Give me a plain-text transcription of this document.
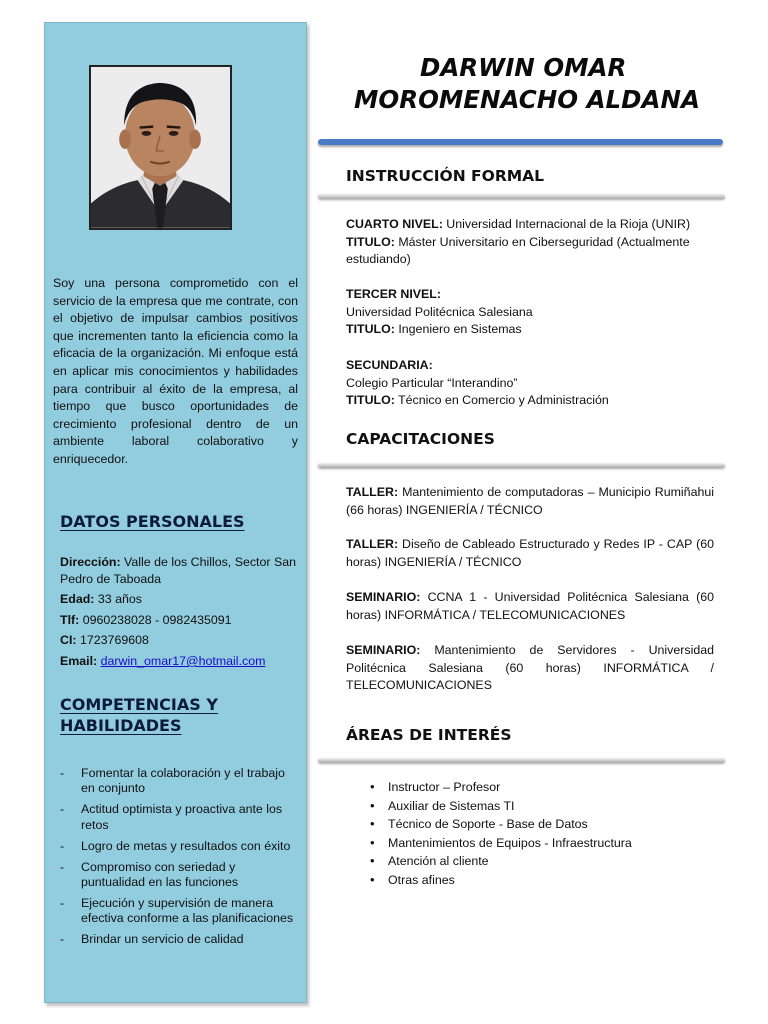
Soy una persona comprometido con el servicio de la empresa que me contrate, con el objetivo de impulsar cambios positivos que incrementen tanto la eficiencia como la eficacia de la organización. Mi enfoque está en aplicar mis conocimientos y habilidades para contribuir al éxito de la empresa, al tiempo que busco oportunidades de crecimiento profesional dentro de un ambiente laboral colaborativo y enriquecedor.

DATOS PERSONALES
Dirección: Valle de los Chillos, Sector San Pedro de Taboada
Edad: 33 años
Tlf: 0960238028 - 0982435091
CI: 1723769608
Email: darwin_omar17@hotmail.com
COMPETENCIAS Y HABILIDADES
- Fomentar la colaboración y el trabajo en conjunto
- Actitud optimista y proactiva ante los retos
- Logro de metas y resultados con éxito
- Compromiso con seriedad y puntualidad en las funciones
- Ejecución y supervisión de manera efectiva conforme a las planificaciones
- Brindar un servicio de calidad
DARWIN OMAR
MOROMENACHO ALDANA
INSTRUCCIÓN FORMAL
CUARTO NIVEL: Universidad Internacional de la Rioja (UNIR)
TITULO: Máster Universitario en Ciberseguridad (Actualmente estudiando)
TERCER NIVEL:
Universidad Politécnica Salesiana
TITULO: Ingeniero en Sistemas
SECUNDARIA:
Colegio Particular “Interandino”
TITULO: Técnico en Comercio y Administración
CAPACITACIONES
TALLER: Mantenimiento de computadoras – Municipio Rumiñahui (66 horas) INGENIERÍA / TÉCNICO
TALLER: Diseño de Cableado Estructurado y Redes IP - CAP (60 horas) INGENIERÍA / TÉCNICO
SEMINARIO: CCNA 1 - Universidad Politécnica Salesiana (60 horas) INFORMÁTICA / TELECOMUNICACIONES
SEMINARIO: Mantenimiento de Servidores - Universidad Politécnica Salesiana (60 horas) INFORMÁTICA / TELECOMUNICACIONES
ÁREAS DE INTERÉS
• Instructor – Profesor
• Auxiliar de Sistemas TI
• Técnico de Soporte - Base de Datos
• Mantenimientos de Equipos - Infraestructura
• Atención al cliente
• Otras afines
